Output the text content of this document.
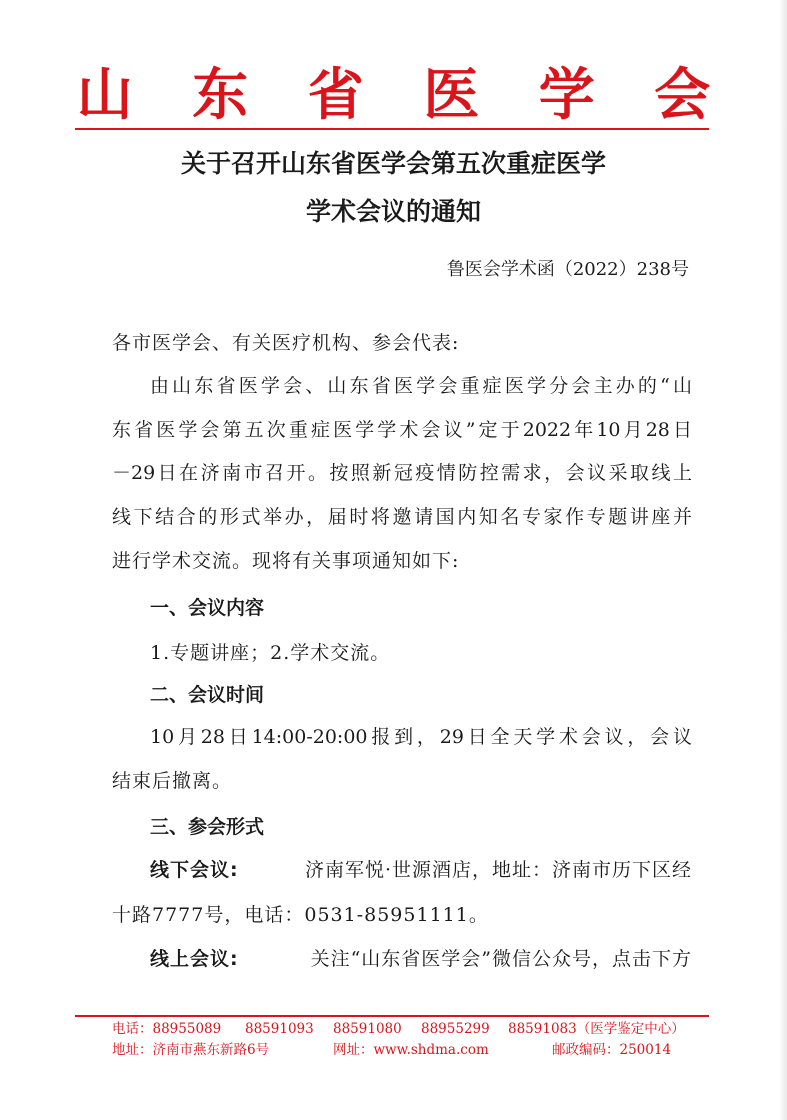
山 东 省 医 学 会
关于召开山东省医学会第五次重症医学
学术会议的通知
鲁医会学术函（2022）238号
各市医学会、有关医疗机构、参会代表:
由山东省医学会、山东省医学会重症医学分会主办的“山
东省医学会第五次重症医学学术会议”定于2022年10月28日
－29日在济南市召开。按照新冠疫情防控需求，会议采取线上
线下结合的形式举办，届时将邀请国内知名专家作专题讲座并
进行学术交流。现将有关事项通知如下:
一、会议内容
1.专题讲座；2.学术交流。
二、会议时间
10月28日14:00-20:00报到，29日全天学术会议，会议
结束后撤离。
三、参会形式
线下会议:	济南军悦·世源酒店，地址：济南市历下区经
十路7777号，电话：0531-85951111。
线上会议:	关注“山东省医学会”微信公众号，点击下方
电话：88955089 88591093 88591080 88955299 88591083（医学鉴定中心）
地址：济南市燕东新路6号	网址：www.shdma.com	邮政编码：250014
